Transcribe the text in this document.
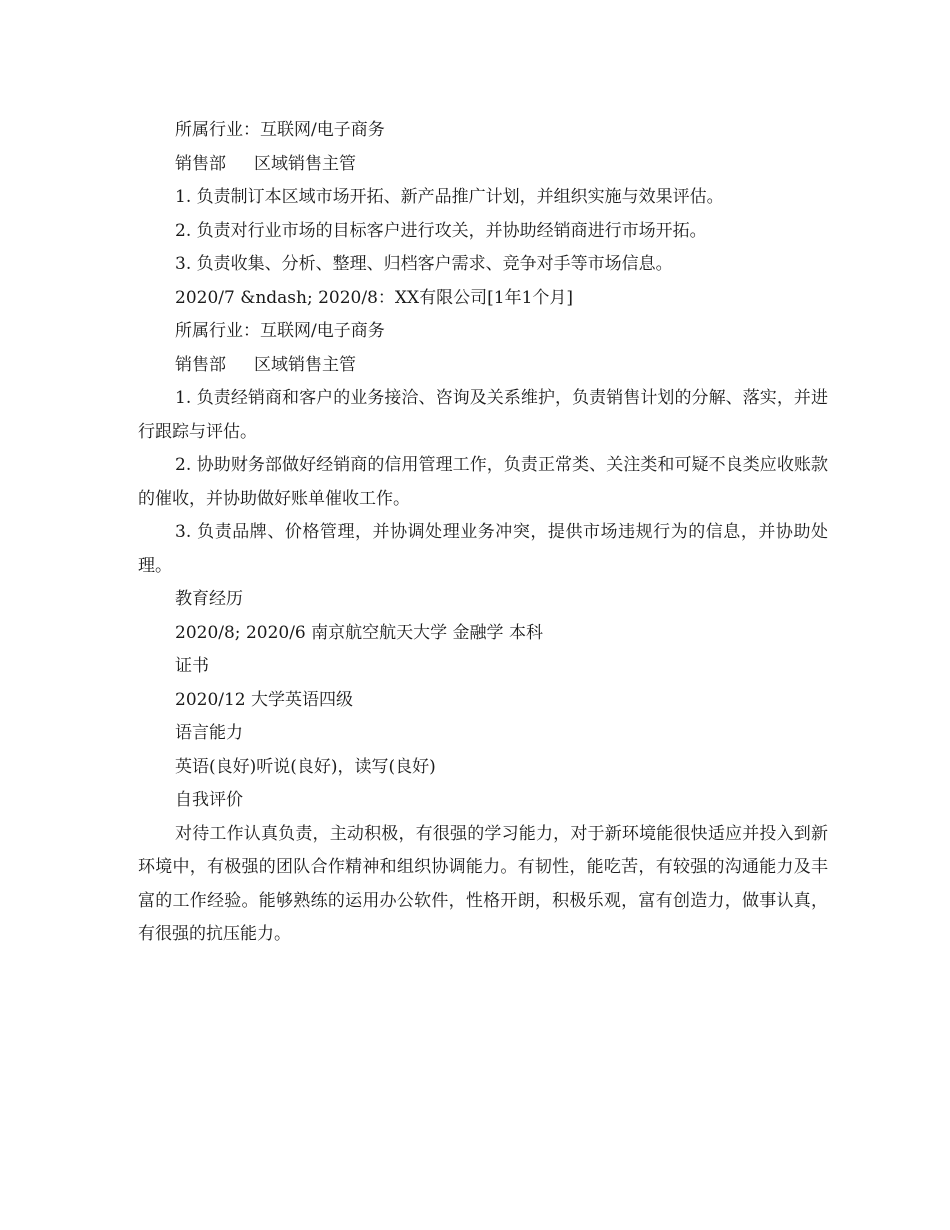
所属行业：互联网/电子商务
销售部 区域销售主管
1. 负责制订本区域市场开拓、新产品推广计划，并组织实施与效果评估。
2. 负责对行业市场的目标客户进行攻关，并协助经销商进行市场开拓。
3. 负责收集、分析、整理、归档客户需求、竞争对手等市场信息。
2020/7 &ndash; 2020/8：XX有限公司[1年1个月]
所属行业：互联网/电子商务
销售部 区域销售主管

1. 负责经销商和客户的业务接洽、咨询及关系维护，负责销售计划的分解、落实，并进行跟踪与评估。

2. 协助财务部做好经销商的信用管理工作，负责正常类、关注类和可疑不良类应收账款的催收，并协助做好账单催收工作。

3. 负责品牌、价格管理，并协调处理业务冲突，提供市场违规行为的信息，并协助处理。

教育经历
2020/8; 2020/6 南京航空航天大学 金融学 本科
证书
2020/12 大学英语四级
语言能力
英语(良好)听说(良好)，读写(良好)
自我评价

对待工作认真负责，主动积极，有很强的学习能力，对于新环境能很快适应并投入到新环境中，有极强的团队合作精神和组织协调能力。有韧性，能吃苦，有较强的沟通能力及丰富的工作经验。能够熟练的运用办公软件，性格开朗，积极乐观，富有创造力，做事认真，有很强的抗压能力。
